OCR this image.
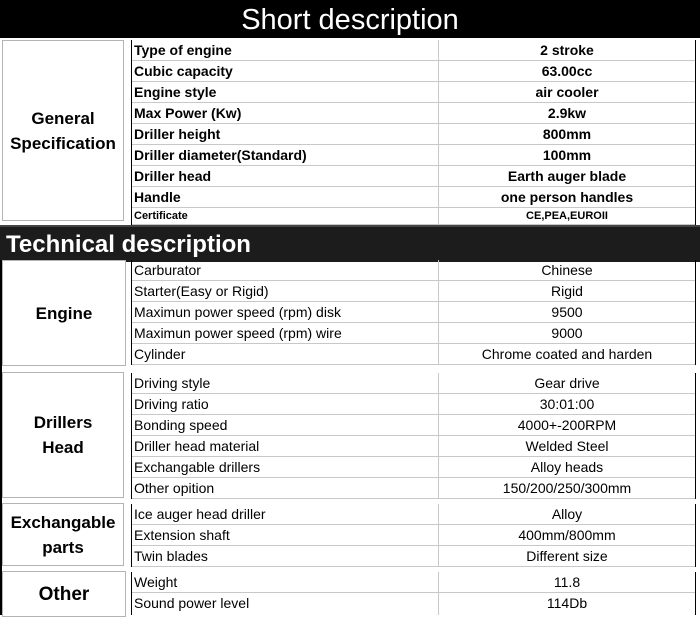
Short description
General Specification
Type of engine	2 stroke
Cubic capacity	63.00cc
Engine style	air cooler
Max Power (Kw)	2.9kw
Driller height	800mm
Driller diameter(Standard)	100mm
Driller head	Earth auger blade
Handle	one person handles
Certificate	CE,PEA,EUROII
Technical description
Engine
Carburator	Chinese
Starter(Easy or Rigid)	Rigid
Maximun power speed (rpm) disk	9500
Maximun power speed (rpm) wire	9000
Cylinder	Chrome coated and harden
Drillers Head
Driving style	Gear drive
Driving ratio	30:01:00
Bonding speed	4000+-200RPM
Driller head material	Welded Steel
Exchangable drillers	Alloy heads
Other opition	150/200/250/300mm
Exchangable parts
Ice auger head driller	Alloy
Extension shaft	400mm/800mm
Twin blades	Different size
Other
Weight	11.8
Sound power level	114Db
